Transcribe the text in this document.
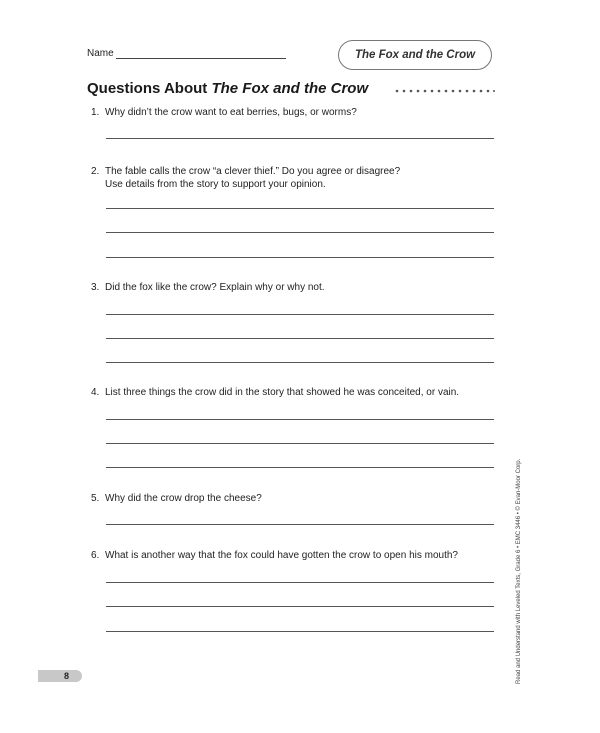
Name	The Fox and the Crow
Questions About The Fox and the Crow
1. Why didn’t the crow want to eat berries, bugs, or worms?
2. The fable calls the crow “a clever thief.” Do you agree or disagree?
Use details from the story to support your opinion.
3. Did the fox like the crow? Explain why or why not.
4. List three things the crow did in the story that showed he was conceited, or vain.
5. Why did the crow drop the cheese?
6. What is another way that the fox could have gotten the crow to open his mouth?	Read and Understand with Leveled Texts, Grade 6 • EMC 3446 • © Evan-Moor Corp.
8
